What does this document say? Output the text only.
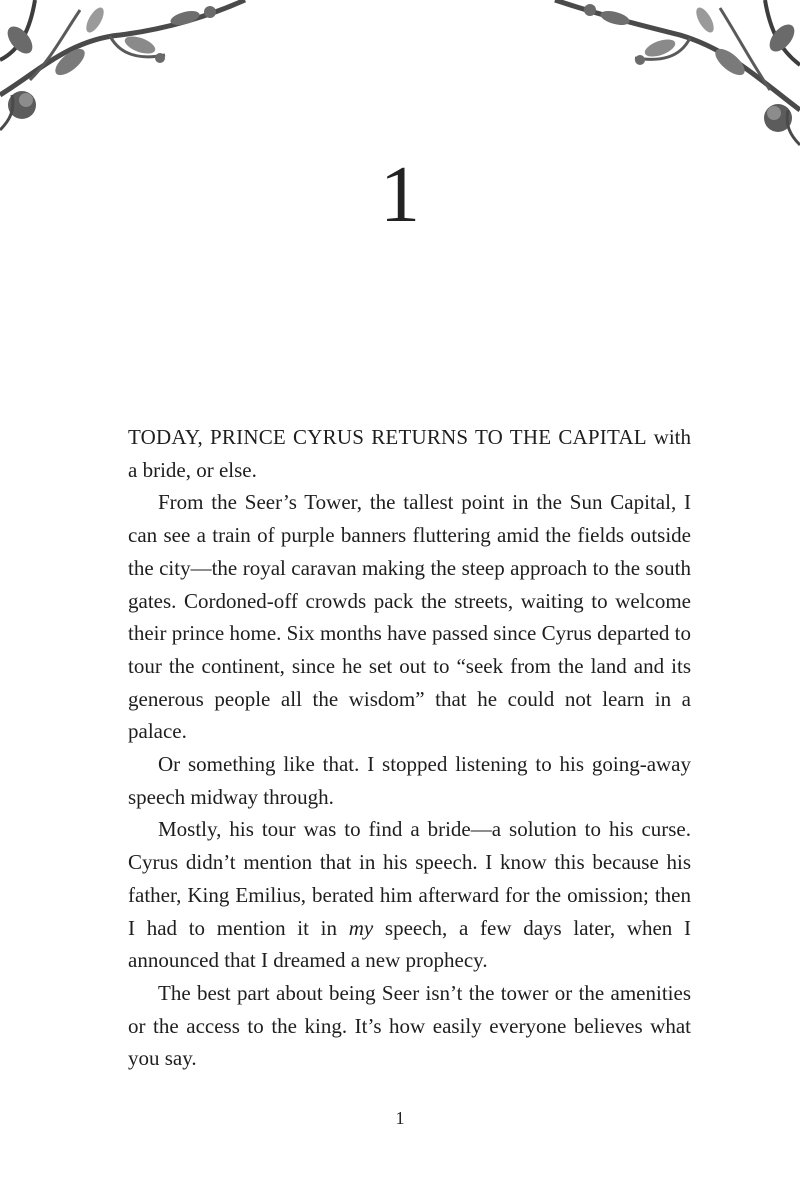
1

TODAY, PRINCE CYRUS RETURNS TO THE CAPITAL with a bride, or else.

From the Seer’s Tower, the tallest point in the Sun Capital, I can see a train of purple banners fluttering amid the fields outside the city—the royal caravan making the steep approach to the south gates. Cordoned-off crowds pack the streets, waiting to welcome their prince home. Six months have passed since Cyrus departed to tour the continent, since he set out to “seek from the land and its generous people all the wisdom” that he could not learn in a palace.

Or something like that. I stopped listening to his going-away speech midway through.

Mostly, his tour was to find a bride—a solution to his curse. Cyrus didn’t mention that in his speech. I know this because his father, King Emilius, berated him afterward for the omission; then I had to mention it in my speech, a few days later, when I announced that I dreamed a new prophecy.

The best part about being Seer isn’t the tower or the amenities or the access to the king. It’s how easily everyone believes what you say.

1
